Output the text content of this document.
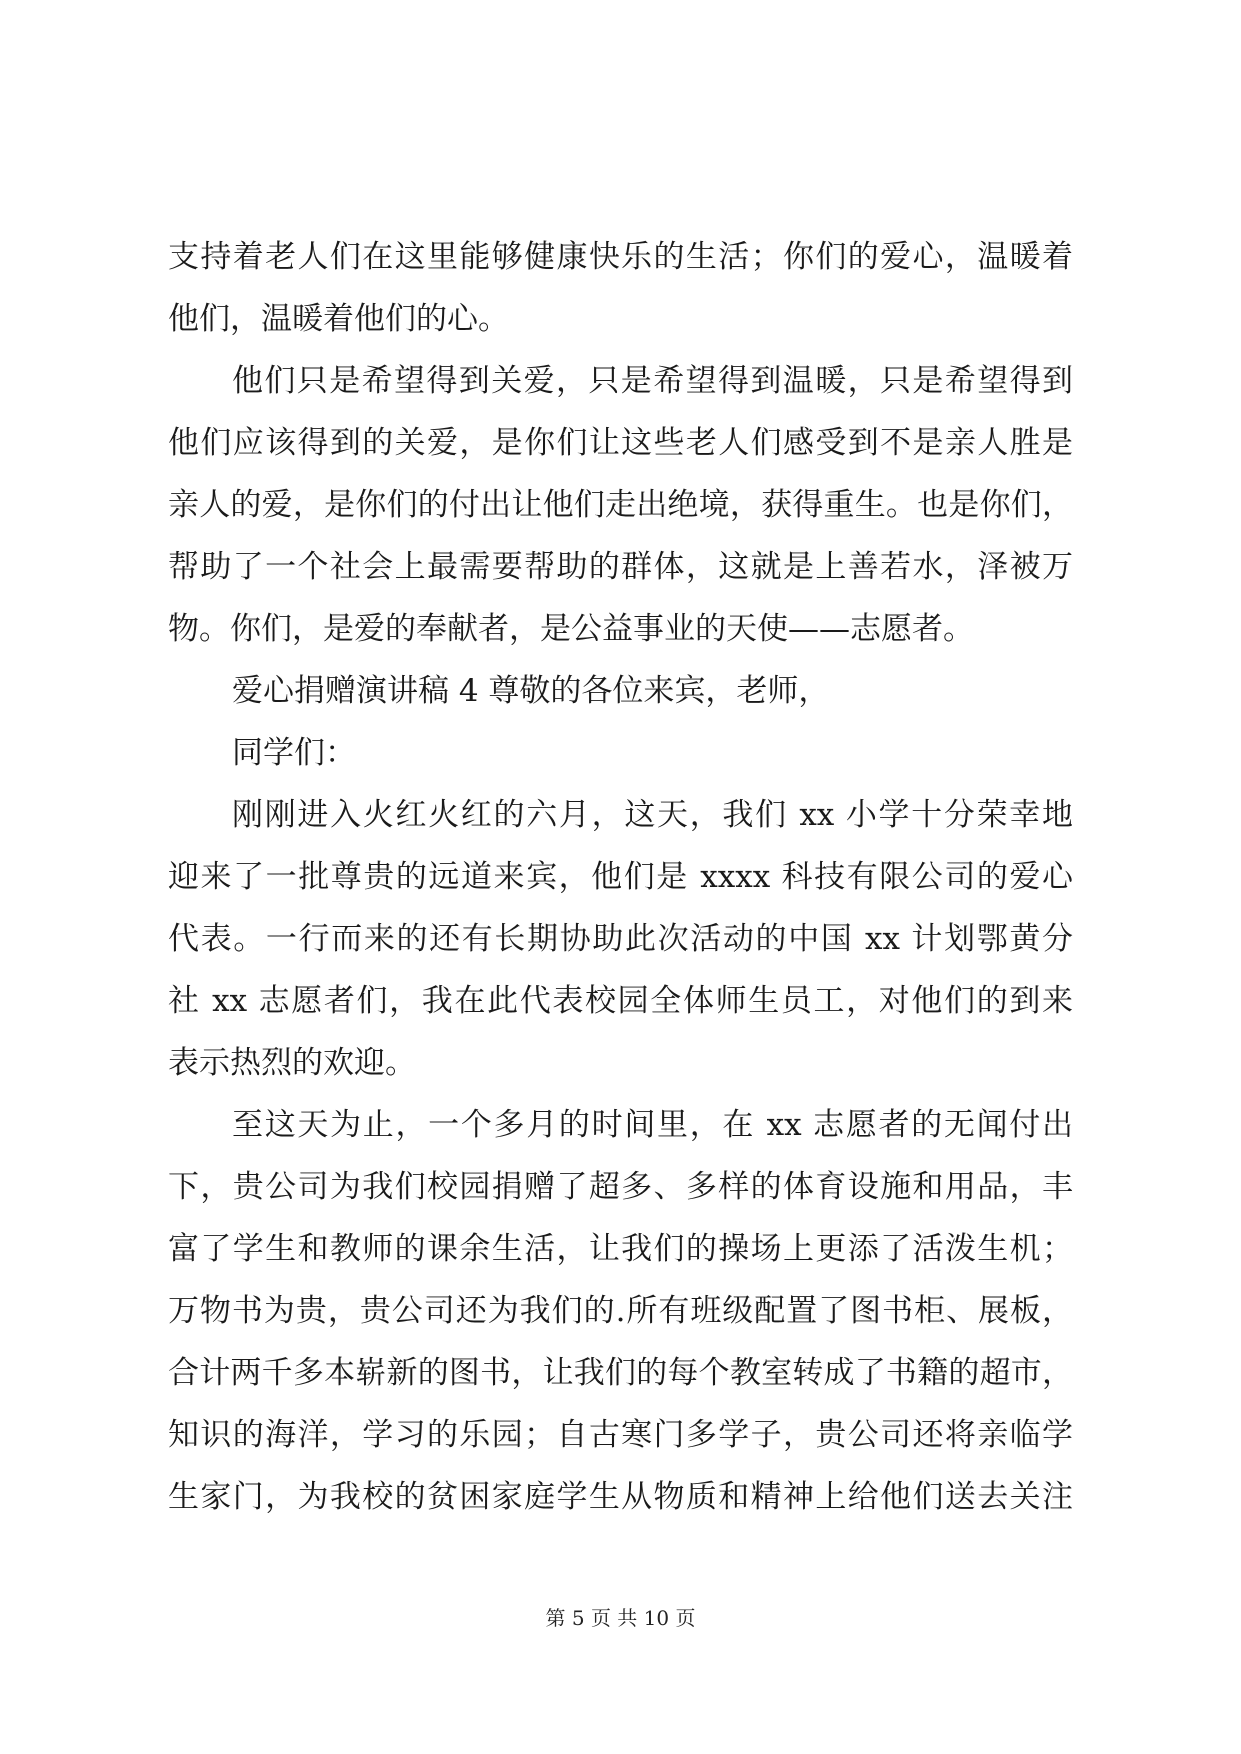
支持着老人们在这里能够健康快乐的生活；你们的爱心，温暖着
他们，温暖着他们的心。
他们只是希望得到关爱，只是希望得到温暖，只是希望得到
他们应该得到的关爱，是你们让这些老人们感受到不是亲人胜是
亲人的爱，是你们的付出让他们走出绝境，获得重生。也是你们，
帮助了一个社会上最需要帮助的群体，这就是上善若水，泽被万
物。你们，是爱的奉献者，是公益事业的天使——志愿者。
爱心捐赠演讲稿 4 尊敬的各位来宾，老师，
同学们：
刚刚进入火红火红的六月，这天，我们 xx 小学十分荣幸地
迎来了一批尊贵的远道来宾，他们是 xxxx 科技有限公司的爱心
代表。一行而来的还有长期协助此次活动的中国 xx 计划鄂黄分
社 xx 志愿者们，我在此代表校园全体师生员工，对他们的到来
表示热烈的欢迎。
至这天为止，一个多月的时间里，在 xx 志愿者的无闻付出
下，贵公司为我们校园捐赠了超多、多样的体育设施和用品，丰
富了学生和教师的课余生活，让我们的操场上更添了活泼生机；
万物书为贵，贵公司还为我们的.所有班级配置了图书柜、展板，
合计两千多本崭新的图书，让我们的每个教室转成了书籍的超市，
知识的海洋，学习的乐园；自古寒门多学子，贵公司还将亲临学
生家门，为我校的贫困家庭学生从物质和精神上给他们送去关注
第 5 页 共 10 页
